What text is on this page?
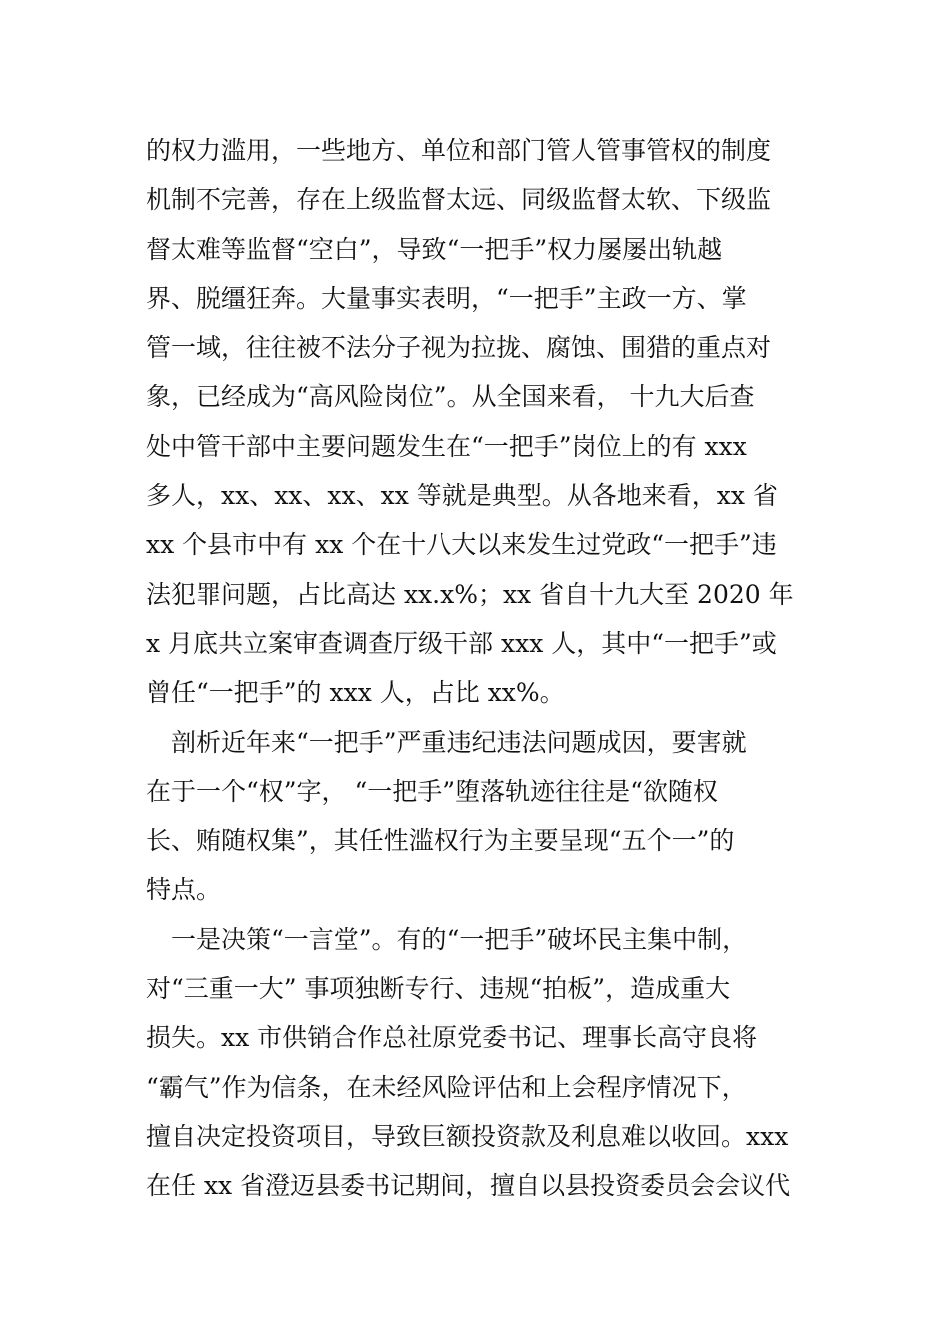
的权力滥用，一些地方、单位和部门管人管事管权的制度
机制不完善，存在上级监督太远、同级监督太软、下级监
督太难等监督“空白”，导致“一把手”权力屡屡出轨越
界、脱缰狂奔。大量事实表明，“一把手”主政一方、掌
管一域，往往被不法分子视为拉拢、腐蚀、围猎的重点对
象，已经成为“高风险岗位”。从全国来看， 十九大后查
处中管干部中主要问题发生在“一把手”岗位上的有 xxx
多人，xx、xx、xx、xx 等就是典型。从各地来看，xx 省
xx 个县市中有 xx 个在十八大以来发生过党政“一把手”违
法犯罪问题，占比高达 xx.x%；xx 省自十九大至 2020 年
x 月底共立案审查调查厅级干部 xxx 人，其中“一把手”或
曾任“一把手”的 xxx 人，占比 xx%。
　剖析近年来“一把手”严重违纪违法问题成因，要害就
在于一个“权”字， “一把手”堕落轨迹往往是“欲随权
长、贿随权集”，其任性滥权行为主要呈现“五个一”的
特点。
　一是决策“一言堂”。有的“一把手”破坏民主集中制，
对“三重一大” 事项独断专行、违规“拍板”，造成重大
损失。xx 市供销合作总社原党委书记、理事长高守良将
“霸气”作为信条，在未经风险评估和上会程序情况下，
擅自决定投资项目，导致巨额投资款及利息难以收回。xxx
在任 xx 省澄迈县委书记期间，擅自以县投资委员会会议代
